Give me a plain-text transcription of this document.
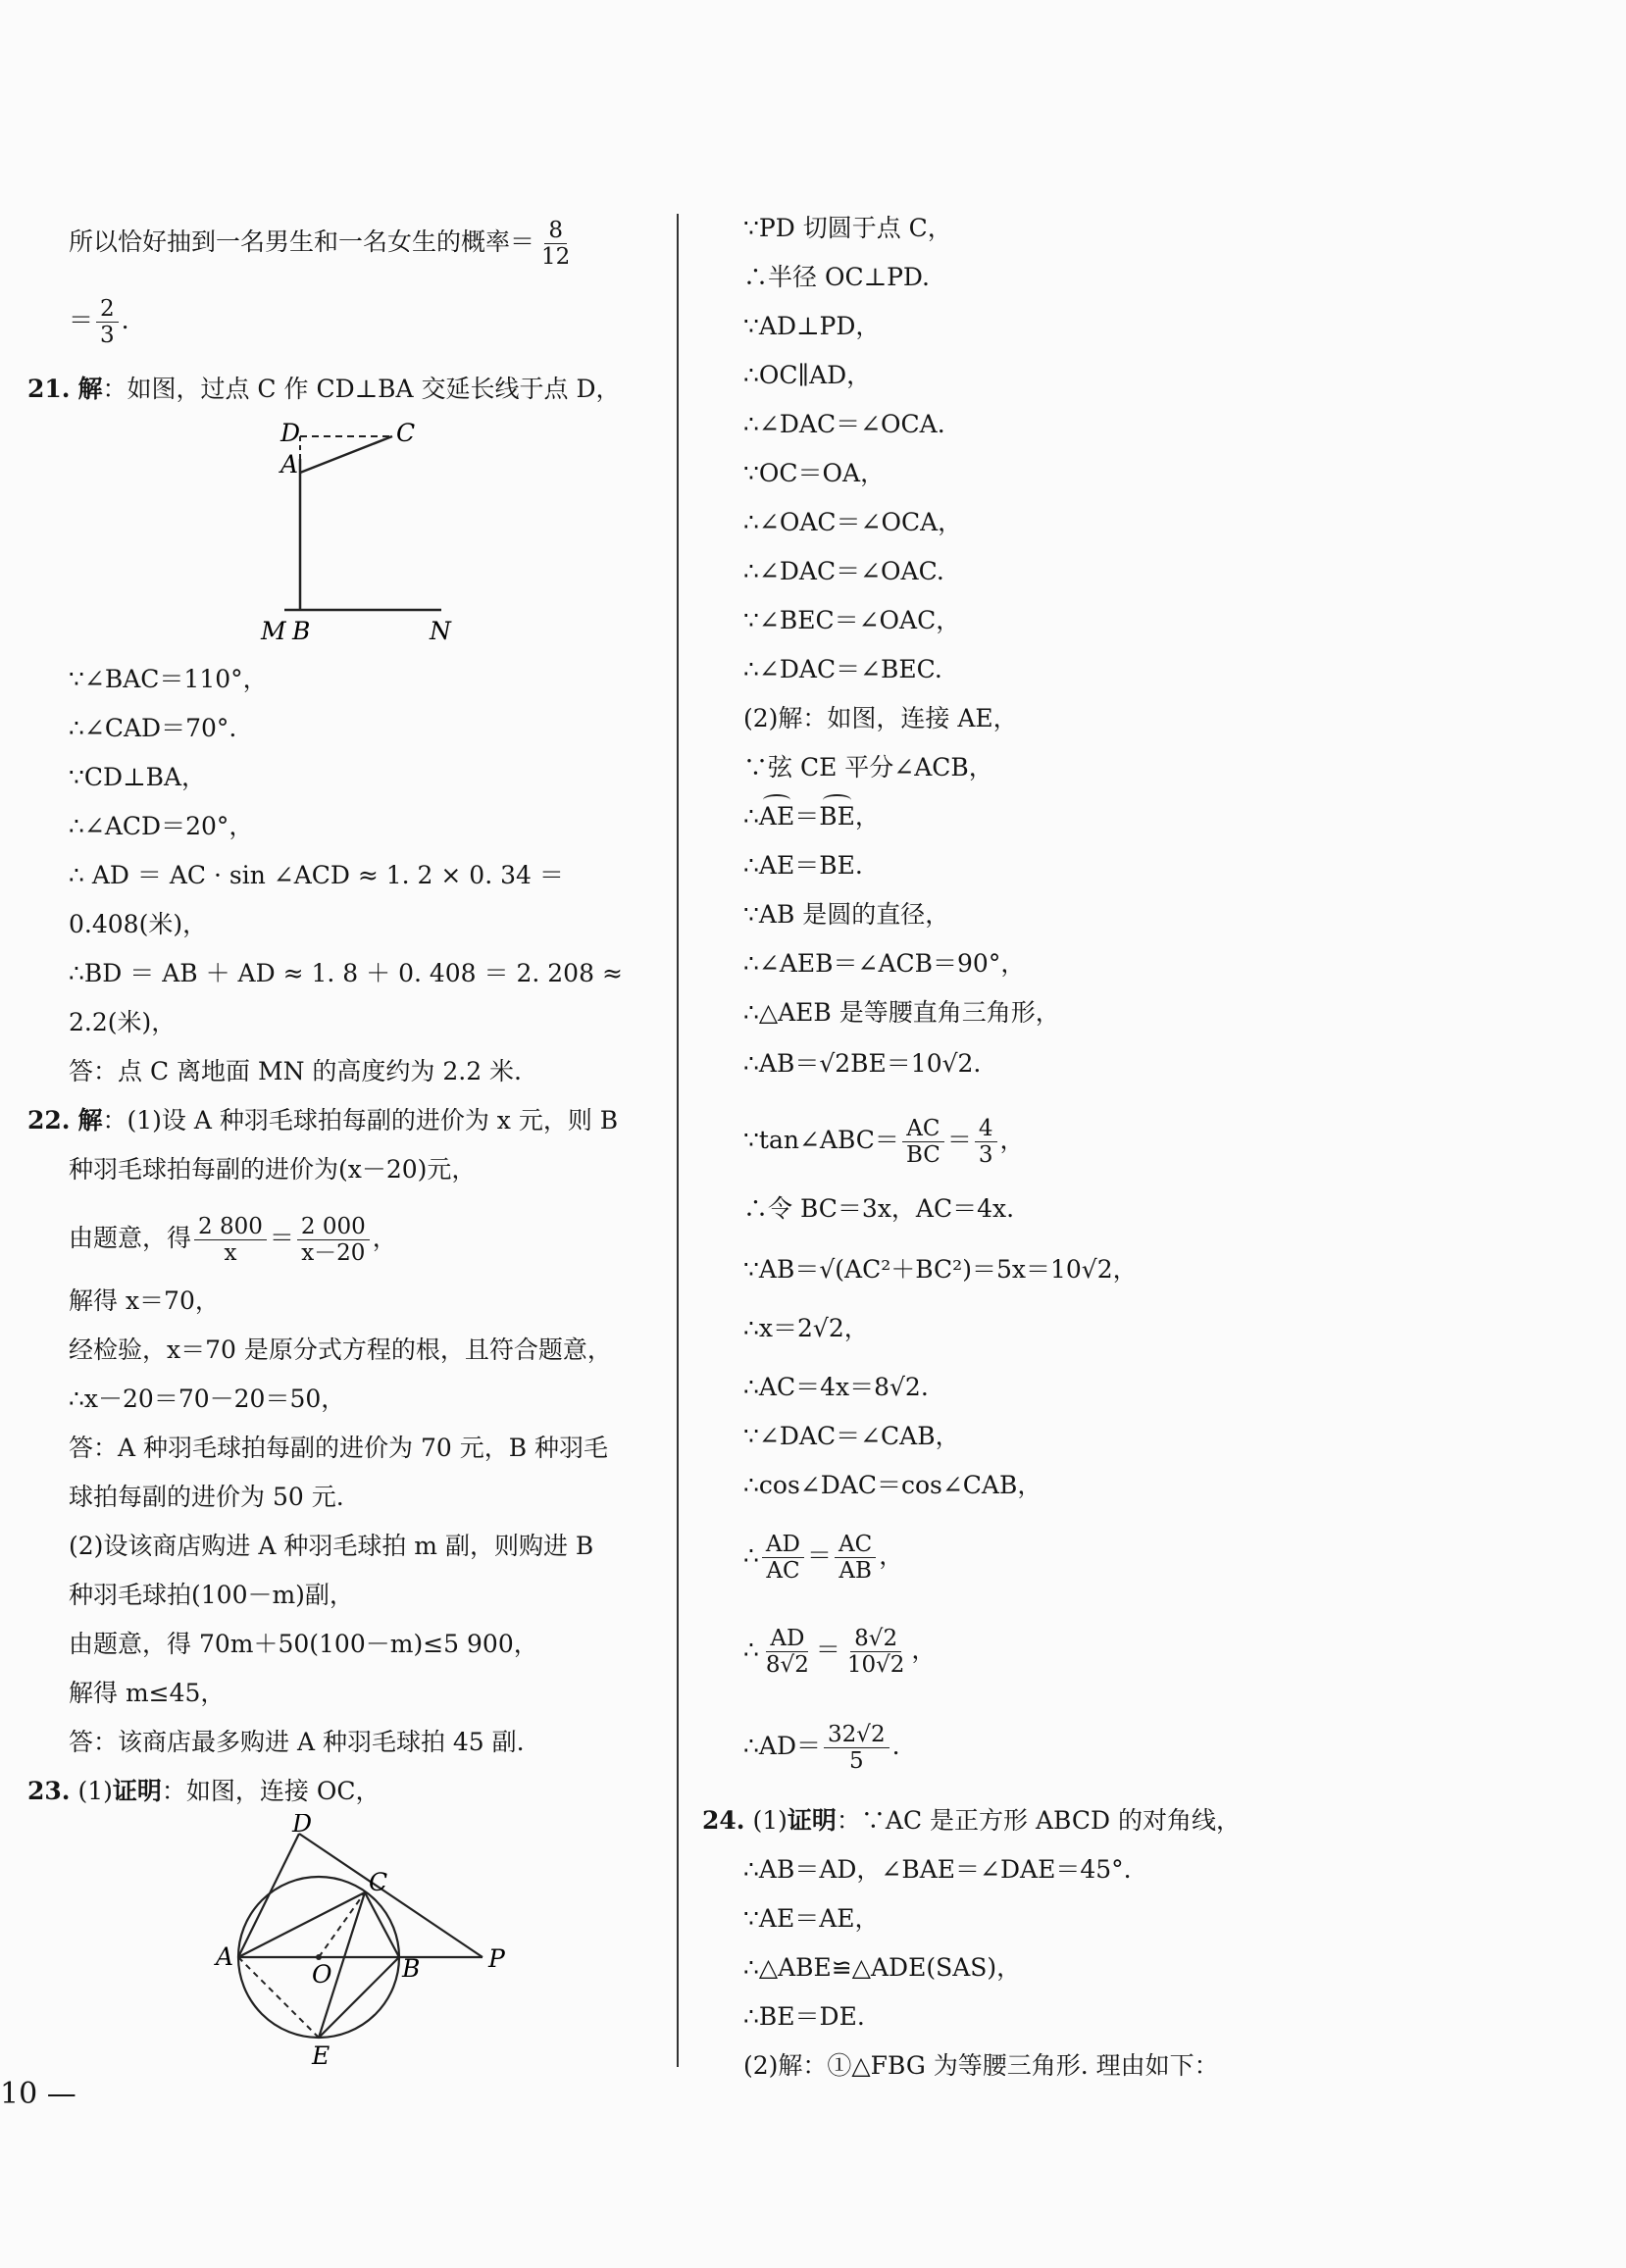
所以恰好抽到一名男生和一名女生的概率＝ $\frac{8}{12}$
＝ $\frac{2}{3}$ .
21. 解：如图，过点 C 作 CD⊥BA 交延长线于点 D，
D	C
A
M B	N
∵∠BAC＝110°，
∴∠CAD＝70°.
∵CD⊥BA，
∴∠ACD＝20°，
∴ AD ＝ AC · sin ∠ACD ≈ 1. 2 × 0. 34 ＝
0.408(米)，
∴BD ＝ AB ＋ AD ≈ 1. 8 ＋ 0. 408 ＝ 2. 208 ≈
2.2(米)，
答：点 C 离地面 MN 的高度约为 2.2 米.
22. 解：(1)设 A 种羽毛球拍每副的进价为 x 元，则 B
种羽毛球拍每副的进价为(x－20)元，
由题意，得 $\frac{2 800}{x} = \frac{2 000}{x-20}$ ，
解得 x＝70，
经检验，x＝70 是原分式方程的根，且符合题意，
∴x－20＝70－20＝50，
答：A 种羽毛球拍每副的进价为 70 元，B 种羽毛
球拍每副的进价为 50 元.
(2)设该商店购进 A 种羽毛球拍 m 副，则购进 B
种羽毛球拍(100－m)副，
由题意，得 70m＋50(100－m)≤5 900，
解得 m≤45，
答：该商店最多购进 A 种羽毛球拍 45 副.
23. (1)证明：如图，连接 OC，
D
C
A
O	B	P
E
∵PD 切圆于点 C，
∴半径 OC⊥PD.
∵AD⊥PD，
∴OC∥AD，
∴∠DAC＝∠OCA.
∵OC＝OA，
∴∠OAC＝∠OCA，
∴∠DAC＝∠OAC.
∵∠BEC＝∠OAC，
∴∠DAC＝∠BEC.
(2)解：如图，连接 AE，
∵弦 CE 平分∠ACB，
∴
AE＝
BE，
∴AE＝BE.
∵AB 是圆的直径，
∴∠AEB＝∠ACB＝90°，
∴△AEB 是等腰直角三角形，
∴AB＝√2BE＝10√2.
∵tan∠ABC＝ $\frac{AC}{BC} = \frac{4}{3}$ ，
∴令 BC＝3x，AC＝4x.
∵AB＝√(AC²＋BC²)＝5x＝10√2，
∴x＝2√2，
∴AC＝4x＝8√2.
∵∠DAC＝∠CAB，
∴cos∠DAC＝cos∠CAB，
∴ $\frac{AD}{AC} = \frac{AC}{AB}$ ，
∴ $\frac{AD}{8√2} = \frac{8√2}{10√2}$ ，
∴AD＝ $\frac{32√2}{5}$ .
24. (1)证明：∵AC 是正方形 ABCD 的对角线，
∴AB＝AD，∠BAE＝∠DAE＝45°.
∵AE＝AE，
∴△ABE≌△ADE(SAS)，
∴BE＝DE.
(2)解：①△FBG 为等腰三角形. 理由如下：
10 —
